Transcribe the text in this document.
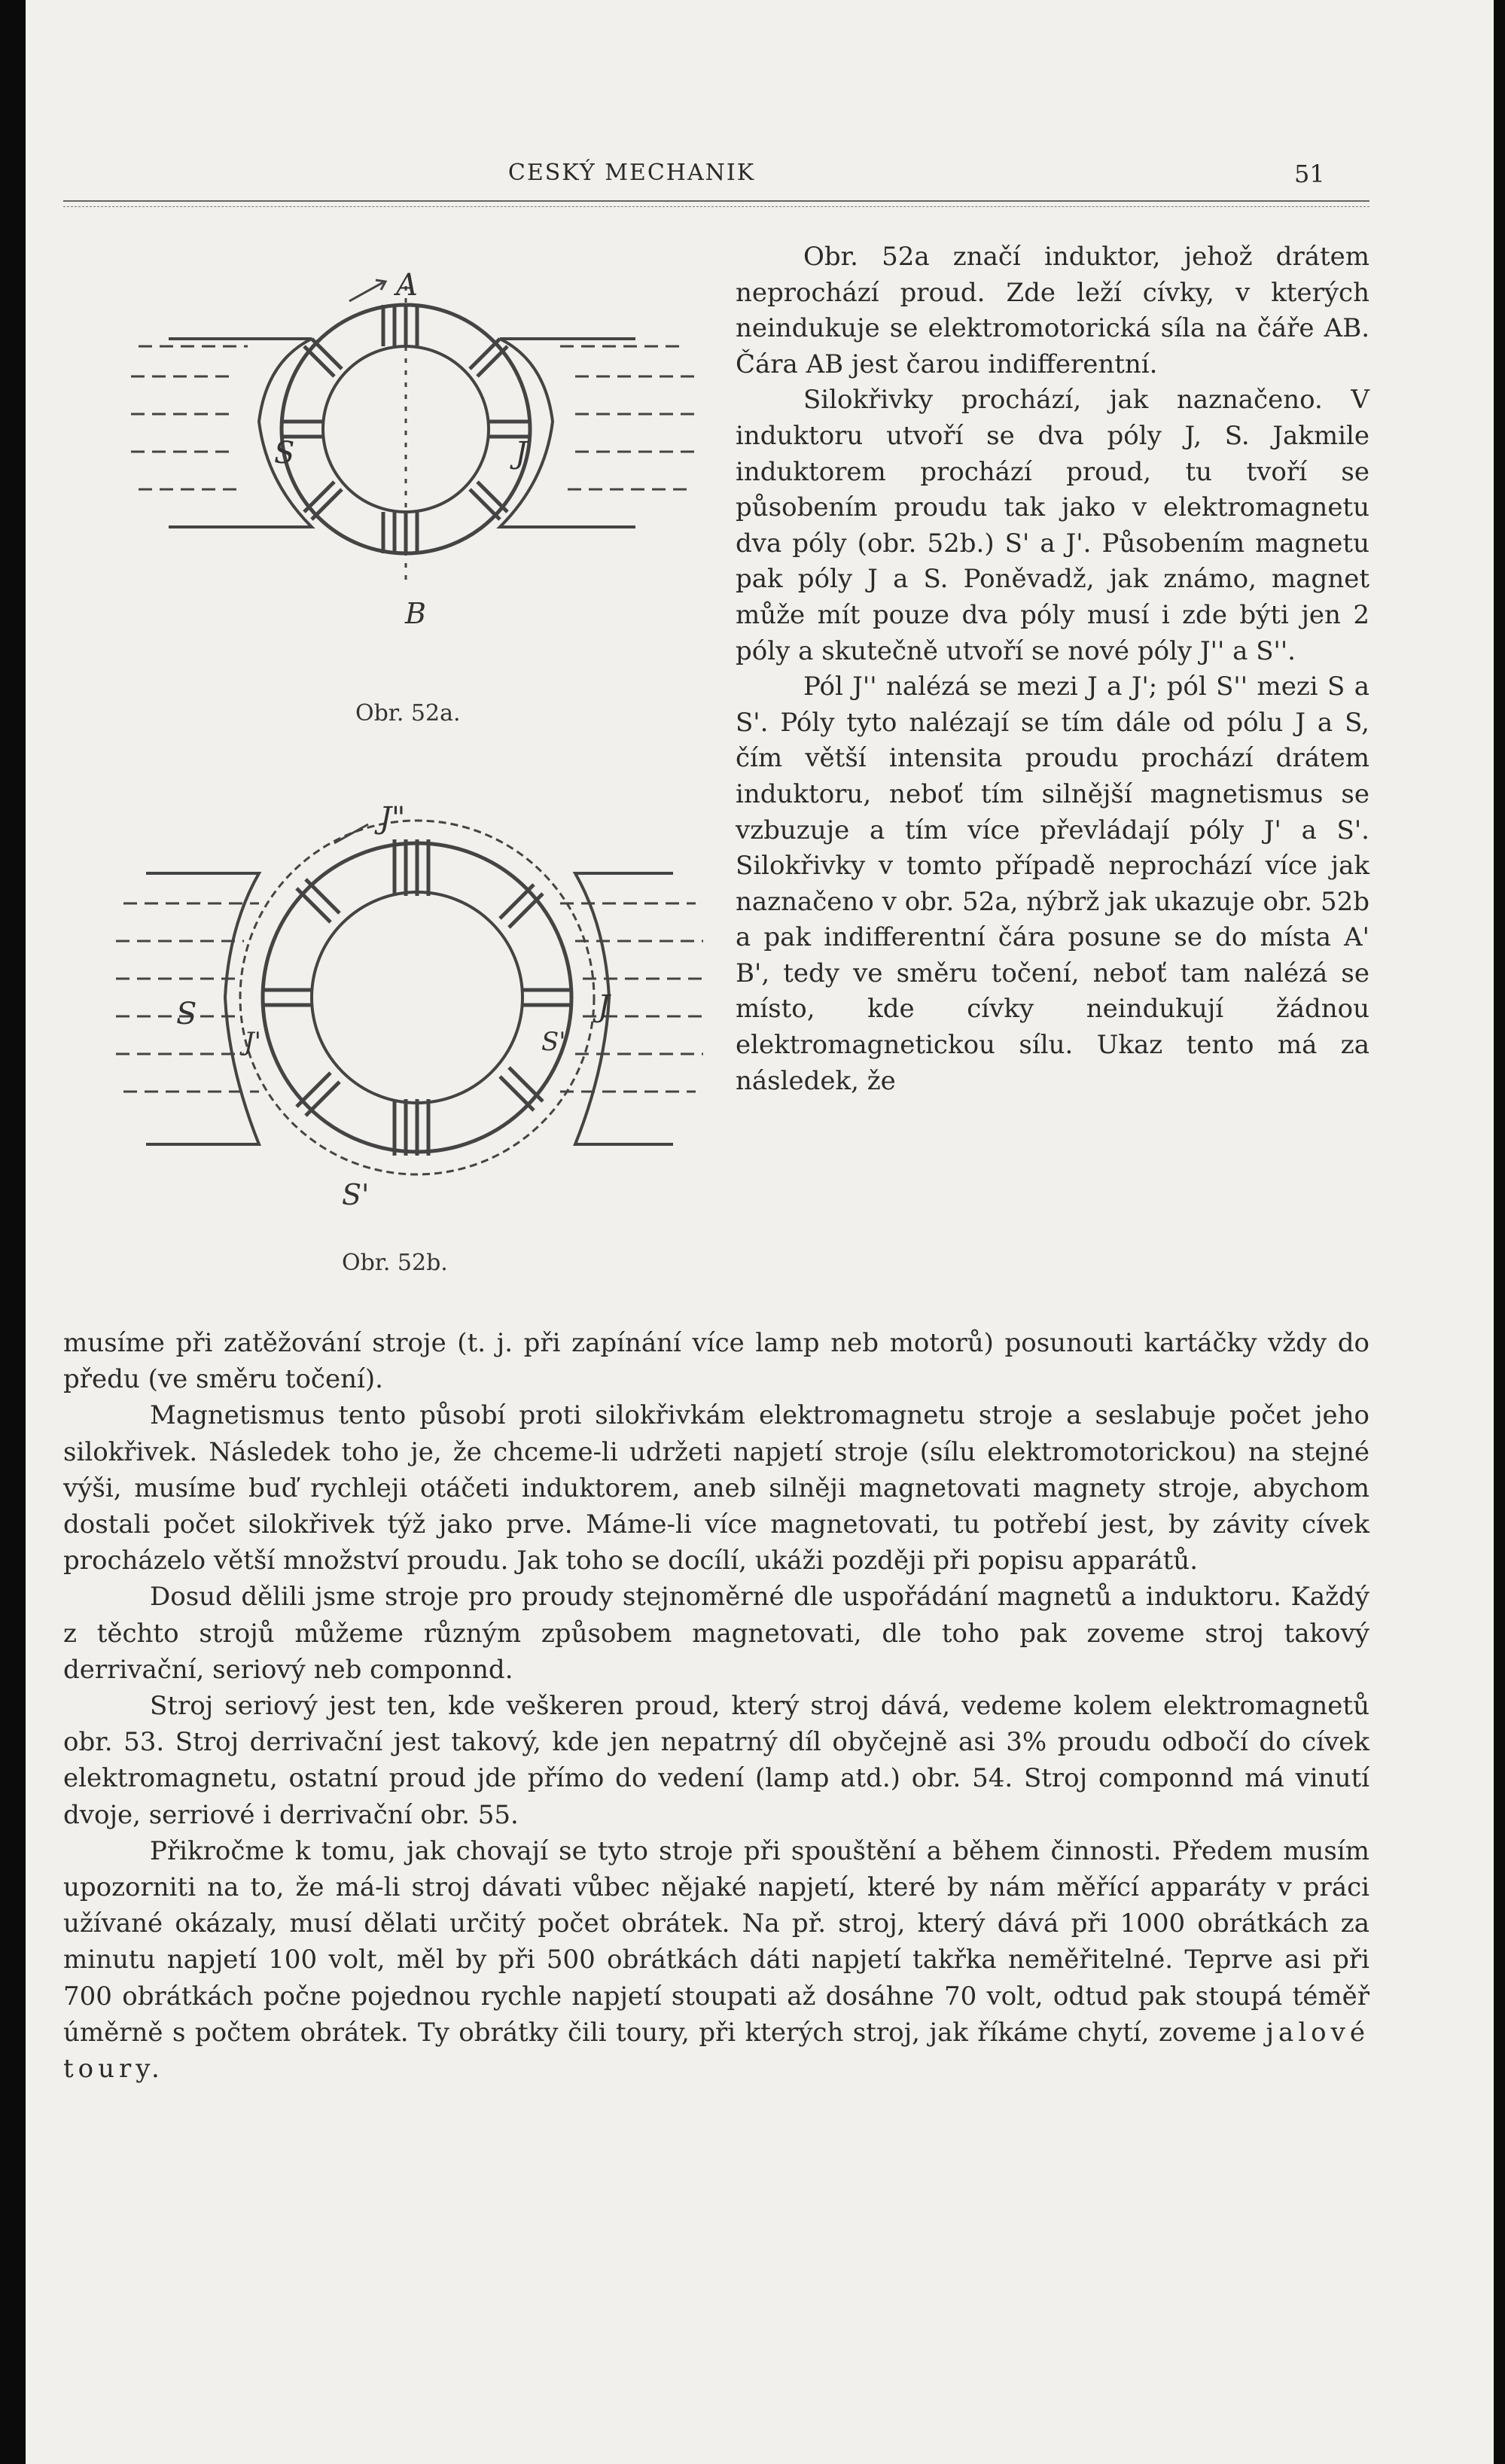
CESKÝ MECHANIK	51
A
B
S	J
Obr. 52a.
J"
S'
S	J
J'	S'
Obr. 52b.

Obr. 52a značí induktor, jehož drátem neprochází proud. Zde leží cívky, v kterých neindukuje se elektromotorická síla na čáře AB. Čára AB jest čarou indifferentní.

Silokřivky prochází, jak naznačeno. V induktoru utvoří se dva póly J, S. Jakmile induktorem prochází proud, tu tvoří se působením proudu tak jako v elektromagnetu dva póly (obr. 52b.) S' a J'. Působením magnetu pak póly J a S. Poněvadž, jak známo, magnet může mít pouze dva póly musí i zde býti jen 2 póly a skutečně utvoří se nové póly J'' a S''.

Pól J'' nalézá se mezi J a J'; pól S'' mezi S a S'. Póly tyto nalézají se tím dále od pólu J a S, čím větší intensita proudu prochází drátem induktoru, neboť tím silnější magnetismus se vzbuzuje a tím více převládají póly J' a S'. Silokřivky v tomto případě neprochází více jak naznačeno v obr. 52a, nýbrž jak ukazuje obr. 52b a pak indifferentní čára posune se do místa A' B', tedy ve směru točení, neboť tam nalézá se místo, kde cívky neindukují žádnou elektromagnetickou sílu. Ukaz tento má za následek, že

musíme při zatěžování stroje (t. j. při zapínání více lamp neb motorů) posunouti kartáčky vždy do předu (ve směru točení).

Magnetismus tento působí proti silokřivkám elektromagnetu stroje a seslabuje počet jeho silokřivek. Následek toho je, že chceme-li udržeti napjetí stroje (sílu elektromotorickou) na stejné výši, musíme buď rychleji otáčeti induktorem, aneb silněji magnetovati magnety stroje, abychom dostali počet silokřivek týž jako prve. Máme-li více magnetovati, tu potřebí jest, by závity cívek procházelo větší množství proudu. Jak toho se docílí, ukáži později při popisu apparátů.

Dosud dělili jsme stroje pro proudy stejnoměrné dle uspořádání magnetů a induktoru. Každý z těchto strojů můžeme různým způsobem magnetovati, dle toho pak zoveme stroj takový derrivační, seriový neb componnd.

Stroj seriový jest ten, kde veškeren proud, který stroj dává, vedeme kolem elektromagnetů obr. 53. Stroj derrivační jest takový, kde jen nepatrný díl obyčejně asi 3% proudu odbočí do cívek elektromagnetu, ostatní proud jde přímo do vedení (lamp atd.) obr. 54. Stroj componnd má vinutí dvoje, serriové i derrivační obr. 55.

Přikročme k tomu, jak chovají se tyto stroje při spouštění a během činnosti. Předem musím upozorniti na to, že má-li stroj dávati vůbec nějaké napjetí, které by nám měřící apparáty v práci užívané okázaly, musí dělati určitý počet obrátek. Na př. stroj, který dává při 1000 obrátkách za minutu napjetí 100 volt, měl by při 500 obrátkách dáti napjetí takřka neměřitelné. Teprve asi při 700 obrátkách počne pojednou rychle napjetí stoupati až dosáhne 70 volt, odtud pak stoupá téměř úměrně s počtem obrátek. Ty obrátky čili toury, při kterých stroj, jak říkáme chytí, zoveme jalové toury.
